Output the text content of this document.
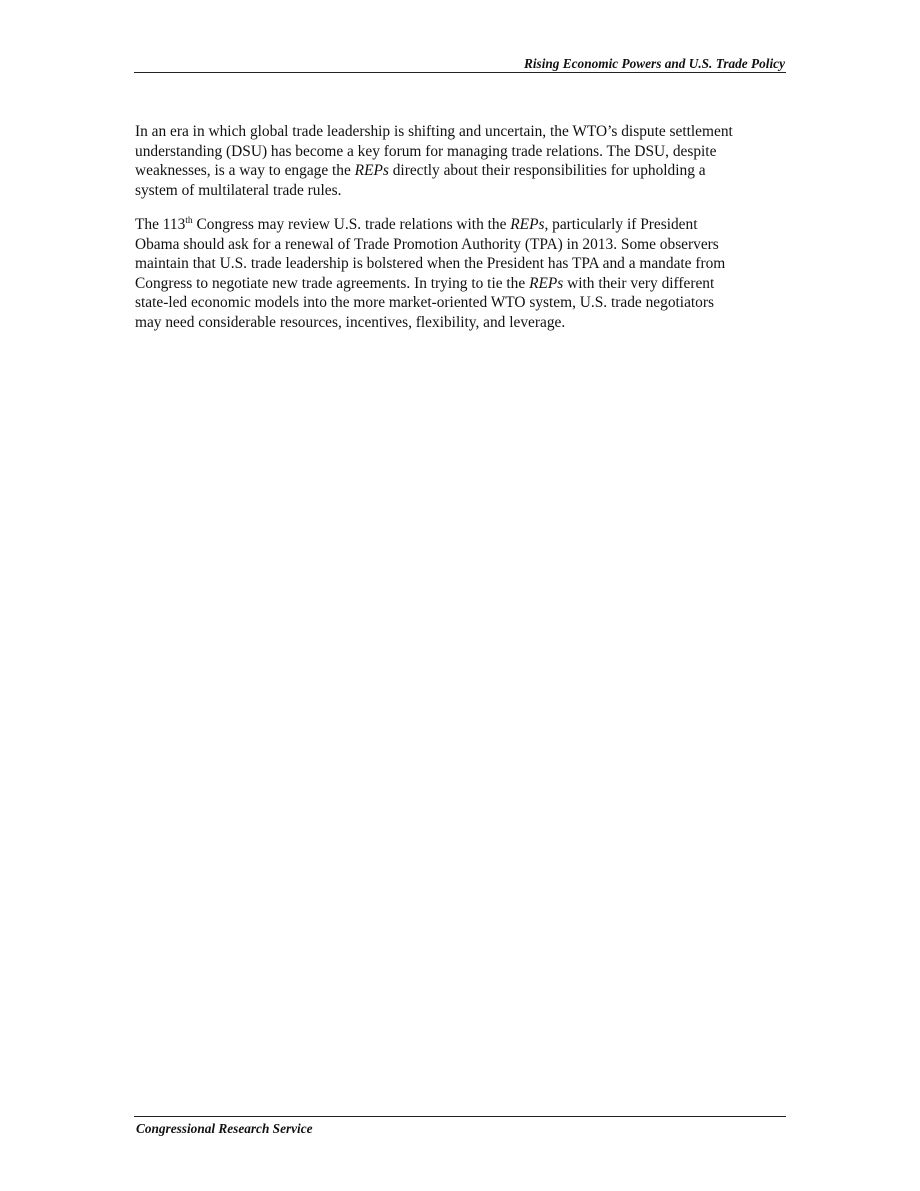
Rising Economic Powers and U.S. Trade Policy

In an era in which global trade leadership is shifting and uncertain, the WTO’s dispute settlement
understanding (DSU) has become a key forum for managing trade relations. The DSU, despite
weaknesses, is a way to engage the REPs directly about their responsibilities for upholding a
system of multilateral trade rules.

The 113th Congress may review U.S. trade relations with the REPs, particularly if President
Obama should ask for a renewal of Trade Promotion Authority (TPA) in 2013. Some observers
maintain that U.S. trade leadership is bolstered when the President has TPA and a mandate from
Congress to negotiate new trade agreements. In trying to tie the REPs with their very different
state-led economic models into the more market-oriented WTO system, U.S. trade negotiators
may need considerable resources, incentives, flexibility, and leverage.

Congressional Research Service
